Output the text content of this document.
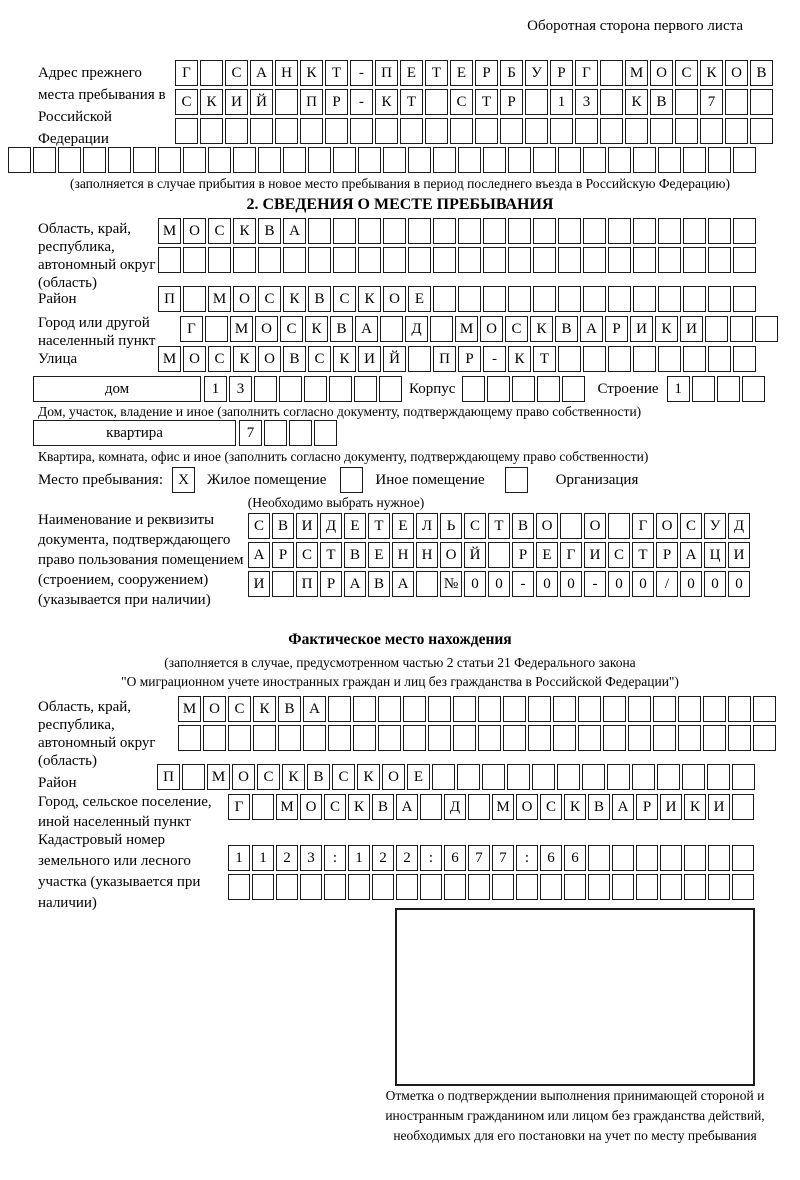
Оборотная сторона первого листа
Адрес прежнего места пребывания в Российской Федерации
Г	С А Н К	Т	-	П Е	Т	Е	Р	Б	У	Р	Г	М О С К О В
С К И Й	П	Р	-	К	Т	С	Т	Р	1	3	К В	7
(заполняется в случае прибытия в новое место пребывания в период последнего въезда в Российскую Федерацию)
2. СВЕДЕНИЯ О МЕСТЕ ПРЕБЫВАНИЯ
Область, край, республика, автономный округ (область)
М О С К В А
Район	П	М О С К В С К О Е
Город или другой населенный пункт
Г	М О С К В А	Д	М О С К В А	Р	И К И
Улица	М О С К О В С К И Й	П	Р	-	К	Т
дом	1	3	Корпус	Строение	1
Дом, участок, владение и иное (заполнить согласно документу, подтверждающему право собственности)
квартира	7
Квартира, комната, офис и иное (заполнить согласно документу, подтверждающему право собственности)
Место пребывания:	X	Жилое помещение	Иное помещение	Организация
(Необходимо выбрать нужное)
Наименование и реквизиты документа, подтверждающего право пользования помещением (строением, сооружением) (указывается при наличии)
С В И Д Е Т Е Л Ь С Т В О	О	Г О С У Д
А Р С Т В Е Н Н О Й	Р	Е	Г И С Т	Р А Ц И
И	П Р А В А	№ 0	0	-	0	0	-	0	0	/	0	0	0
Фактическое место нахождения
(заполняется в случае, предусмотренном частью 2 статьи 21 Федерального закона
"О миграционном учете иностранных граждан и лиц без гражданства в Российской Федерации")
Область, край, республика, автономный округ (область)
М О С К В А
Район	П	М О С К В С К О Е
Город, сельское поселение, иной населенный пункт
Г	М О С К В А	Д	М О С К В А Р И К И
Кадастровый номер земельного или лесного участка (указывается при наличии)
1	1	2	3	:	1	2	2	:	6	7	7	:	6	6
Отметка о подтверждении выполнения принимающей стороной и иностранным гражданином или лицом без гражданства действий, необходимых для его постановки на учет по месту пребывания
